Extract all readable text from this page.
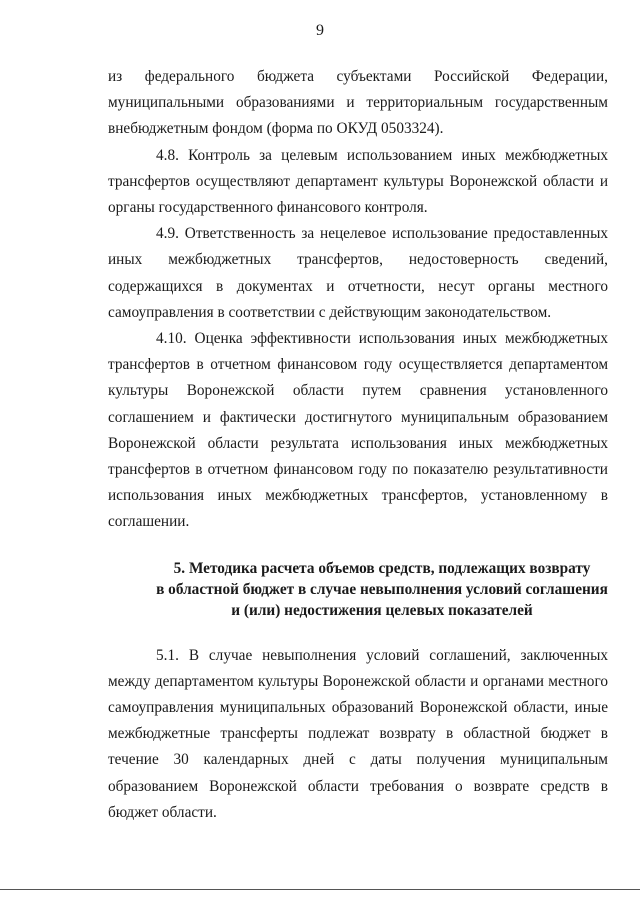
9

из федерального бюджета субъектами Российской Федерации, муниципальными образованиями и территориальным государственным внебюджетным фондом (форма по ОКУД 0503324).

4.8. Контроль за целевым использованием иных межбюджетных трансфертов осуществляют департамент культуры Воронежской области и органы государственного финансового контроля.

4.9. Ответственность за нецелевое использование предоставленных иных межбюджетных трансфертов, недостоверность сведений, содержащихся в документах и отчетности, несут органы местного самоуправления в соответствии с действующим законодательством.

4.10. Оценка эффективности использования иных межбюджетных трансфертов в отчетном финансовом году осуществляется департаментом культуры Воронежской области путем сравнения установленного соглашением и фактически достигнутого муниципальным образованием Воронежской области результата использования иных межбюджетных трансфертов в отчетном финансовом году по показателю результативности использования иных межбюджетных трансфертов, установленному в соглашении.

5. Методика расчета объемов средств, подлежащих возврату
в областной бюджет в случае невыполнения условий соглашения
и (или) недостижения целевых показателей

5.1. В случае невыполнения условий соглашений, заключенных между департаментом культуры Воронежской области и органами местного самоуправления муниципальных образований Воронежской области, иные межбюджетные трансферты подлежат возврату в областной бюджет в течение 30 календарных дней с даты получения муниципальным образованием Воронежской области требования о возврате средств в бюджет области.
